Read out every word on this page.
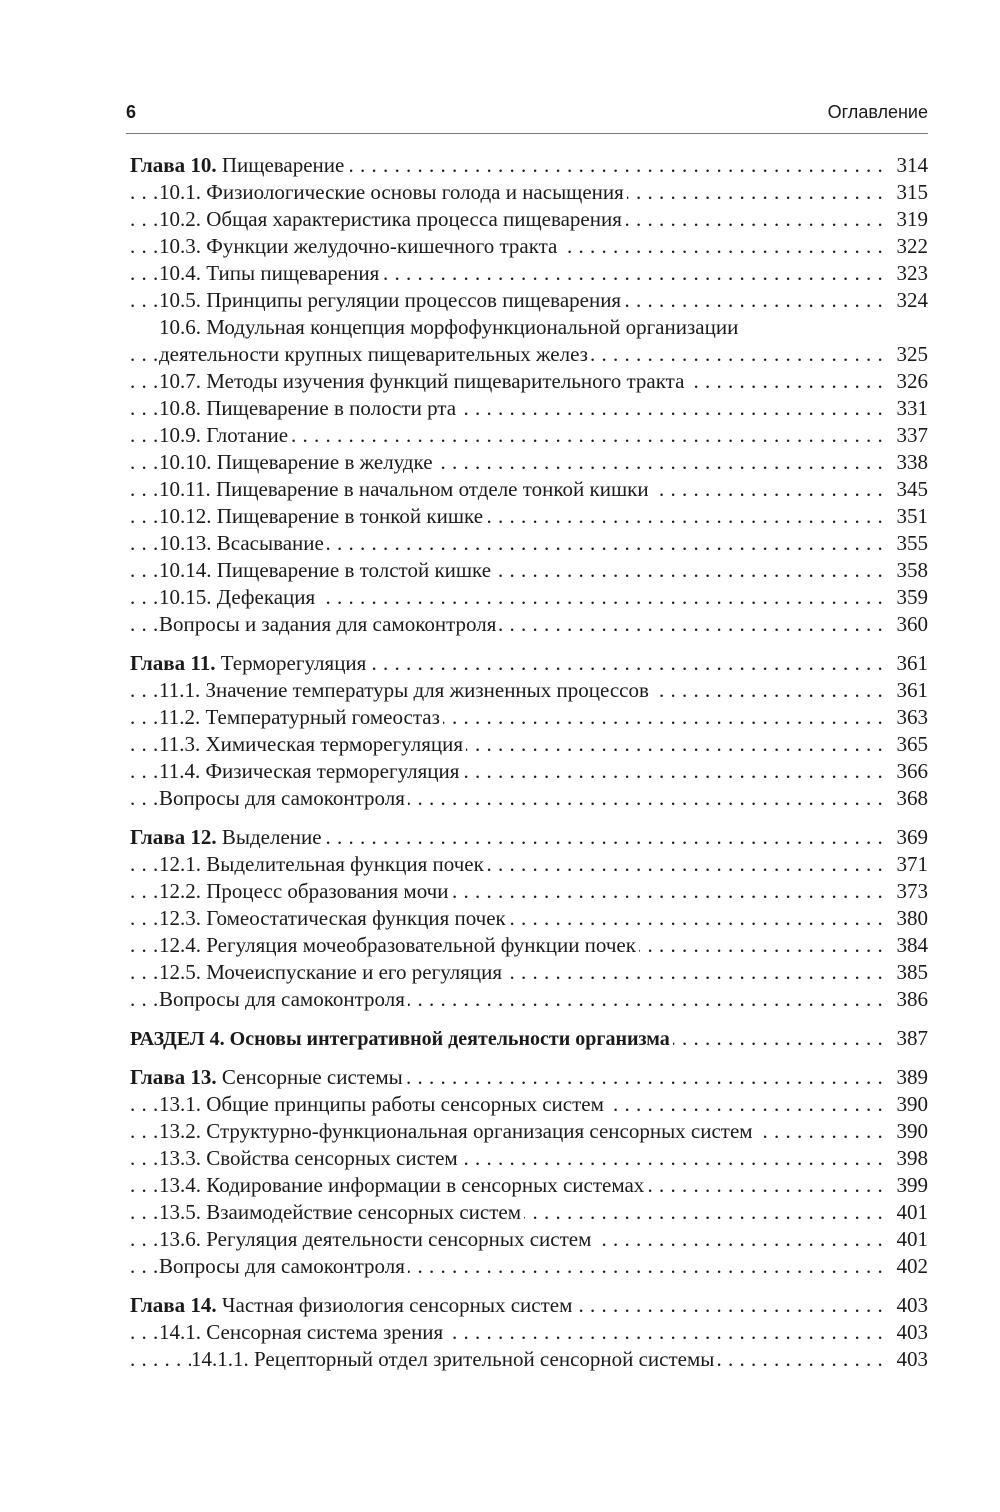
6	Оглавление
. . . Глава 10. Пищеварение	314
. . . 10.1. Физиологические основы голода и насыщения	315
. . . 10.2. Общая характеристика процесса пищеварения	319
. . . 10.3. Функции желудочно-кишечного тракта	322
. . . 10.4. Типы пищеварения	323
. . . 10.5. Принципы регуляции процессов пищеварения	324
10.6. Модульная концепция морфофункциональной организации
. . . деятельности крупных пищеварительных желез	325
. . . 10.7. Методы изучения функций пищеварительного тракта	326
. . . 10.8. Пищеварение в полости рта	331
. . . 10.9. Глотание	337
. . . 10.10. Пищеварение в желудке	338
. . . 10.11. Пищеварение в начальном отделе тонкой кишки	345
. . . 10.12. Пищеварение в тонкой кишке	351
. . . 10.13. Всасывание	355
. . . 10.14. Пищеварение в толстой кишке	358
. . . 10.15. Дефекация	359
. . . Вопросы и задания для самоконтроля	360
. . . Глава 11. Терморегуляция	361
. . . 11.1. Значение температуры для жизненных процессов	361
. . . 11.2. Температурный гомеостаз	363
. . . 11.3. Химическая терморегуляция	365
. . . 11.4. Физическая терморегуляция	366
. . . Вопросы для самоконтроля	368
. . . Глава 12. Выделение	369
. . . 12.1. Выделительная функция почек	371
. . . 12.2. Процесс образования мочи	373
. . . 12.3. Гомеостатическая функция почек	380
. . . 12.4. Регуляция мочеобразовательной функции почек	384
. . . 12.5. Мочеиспускание и его регуляция	385
. . . Вопросы для самоконтроля	386
. . . РАЗДЕЛ 4. Основы интегративной деятельности организма	387
. . . Глава 13. Сенсорные системы	389
. . . 13.1. Общие принципы работы сенсорных систем	390
. . . 13.2. Структурно-функциональная организация сенсорных систем	390
. . . 13.3. Свойства сенсорных систем	398
. . . 13.4. Кодирование информации в сенсорных системах	399
. . . 13.5. Взаимодействие сенсорных систем	401
. . . 13.6. Регуляция деятельности сенсорных систем	401
. . . Вопросы для самоконтроля	402
. . . Глава 14. Частная физиология сенсорных систем	403
. . . 14.1. Сенсорная система зрения	403
. . . 14.1.1. Рецепторный отдел зрительной сенсорной системы	403
